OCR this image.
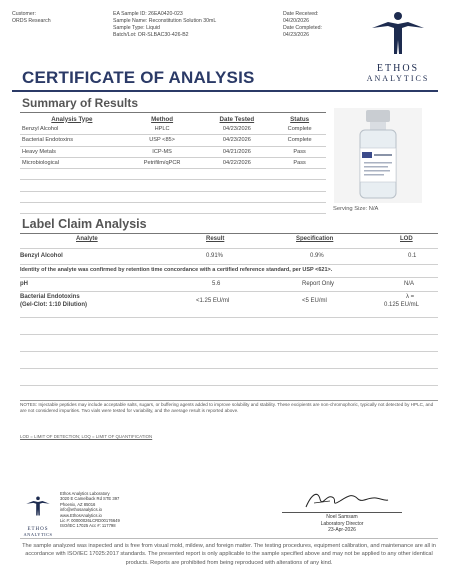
Customer:
ORDS Research
EA Sample ID: 26EA0420-023
Sample Name: Reconstitution Solution 30mL
Sample Type: Liquid
Batch/Lot: OR-SLBAC30-426-B2
Date Received:
04/20/2026
Date Completed:
04/23/2026
ETHOS
ANALYTICS
CERTIFICATE OF ANALYSIS
Summary of Results
Analysis Type	Method	Date Tested	Status
Benzyl Alcohol	HPLC	04/23/2026	Complete
Bacterial Endotoxins	USP <85>	04/23/2026	Complete
Heavy Metals	ICP-MS	04/21/2026	Pass
Microbiological	Petrifilm/qPCR	04/22/2026	Pass

Serving Size: N/A
Label Claim Analysis
Analyte	Result	Specification	LOD
Benzyl Alcohol	0.91%	0.9%	0.1
Identity of the analyte was confirmed by retention time concordance with a certified reference standard, per USP <621>.
pH	5.6	Report Only	N/A
Bacterial Endotoxins
(Gel-Clot: 1:10 Dilution)
<1.25 EU/ml	<5 EU/ml
λ =
0.125 EU/mL
NOTES: Injectable peptides may include acceptable salts, sugars, or buffering agents added to improve solubility and stability. These excipients are non-chromophoric, typically not detected by HPLC, and are not considered impurities. Two vials were tested for variability, and the average result is reported above.
LOD = LIMIT OF DETECTION; LOQ = LIMIT OF QUANTIFICATION
ETHOS
ANALYTICS
Ethos Analytics Laboratory
3020 E Camelback Rd STE 397
Phoenix, AZ 85016
info@ethosanalytics.io
www.EthosAnalytics.io
Lic #: 00000026LCRD00176649
ISO/IEC 17025 Acc #: 117798
Noel Samsam
Laboratory Director
23-Apr-2026
The sample analyzed was inspected and is free from visual mold, mildew, and foreign matter. The testing procedures, equipment calibration, and maintenance are all in accordance with ISO/IEC 17025:2017 standards. The presented report is only applicable to the sample specified above and may not be applied to any other identical products. Reports are prohibited from being reproduced with alterations of any kind.
